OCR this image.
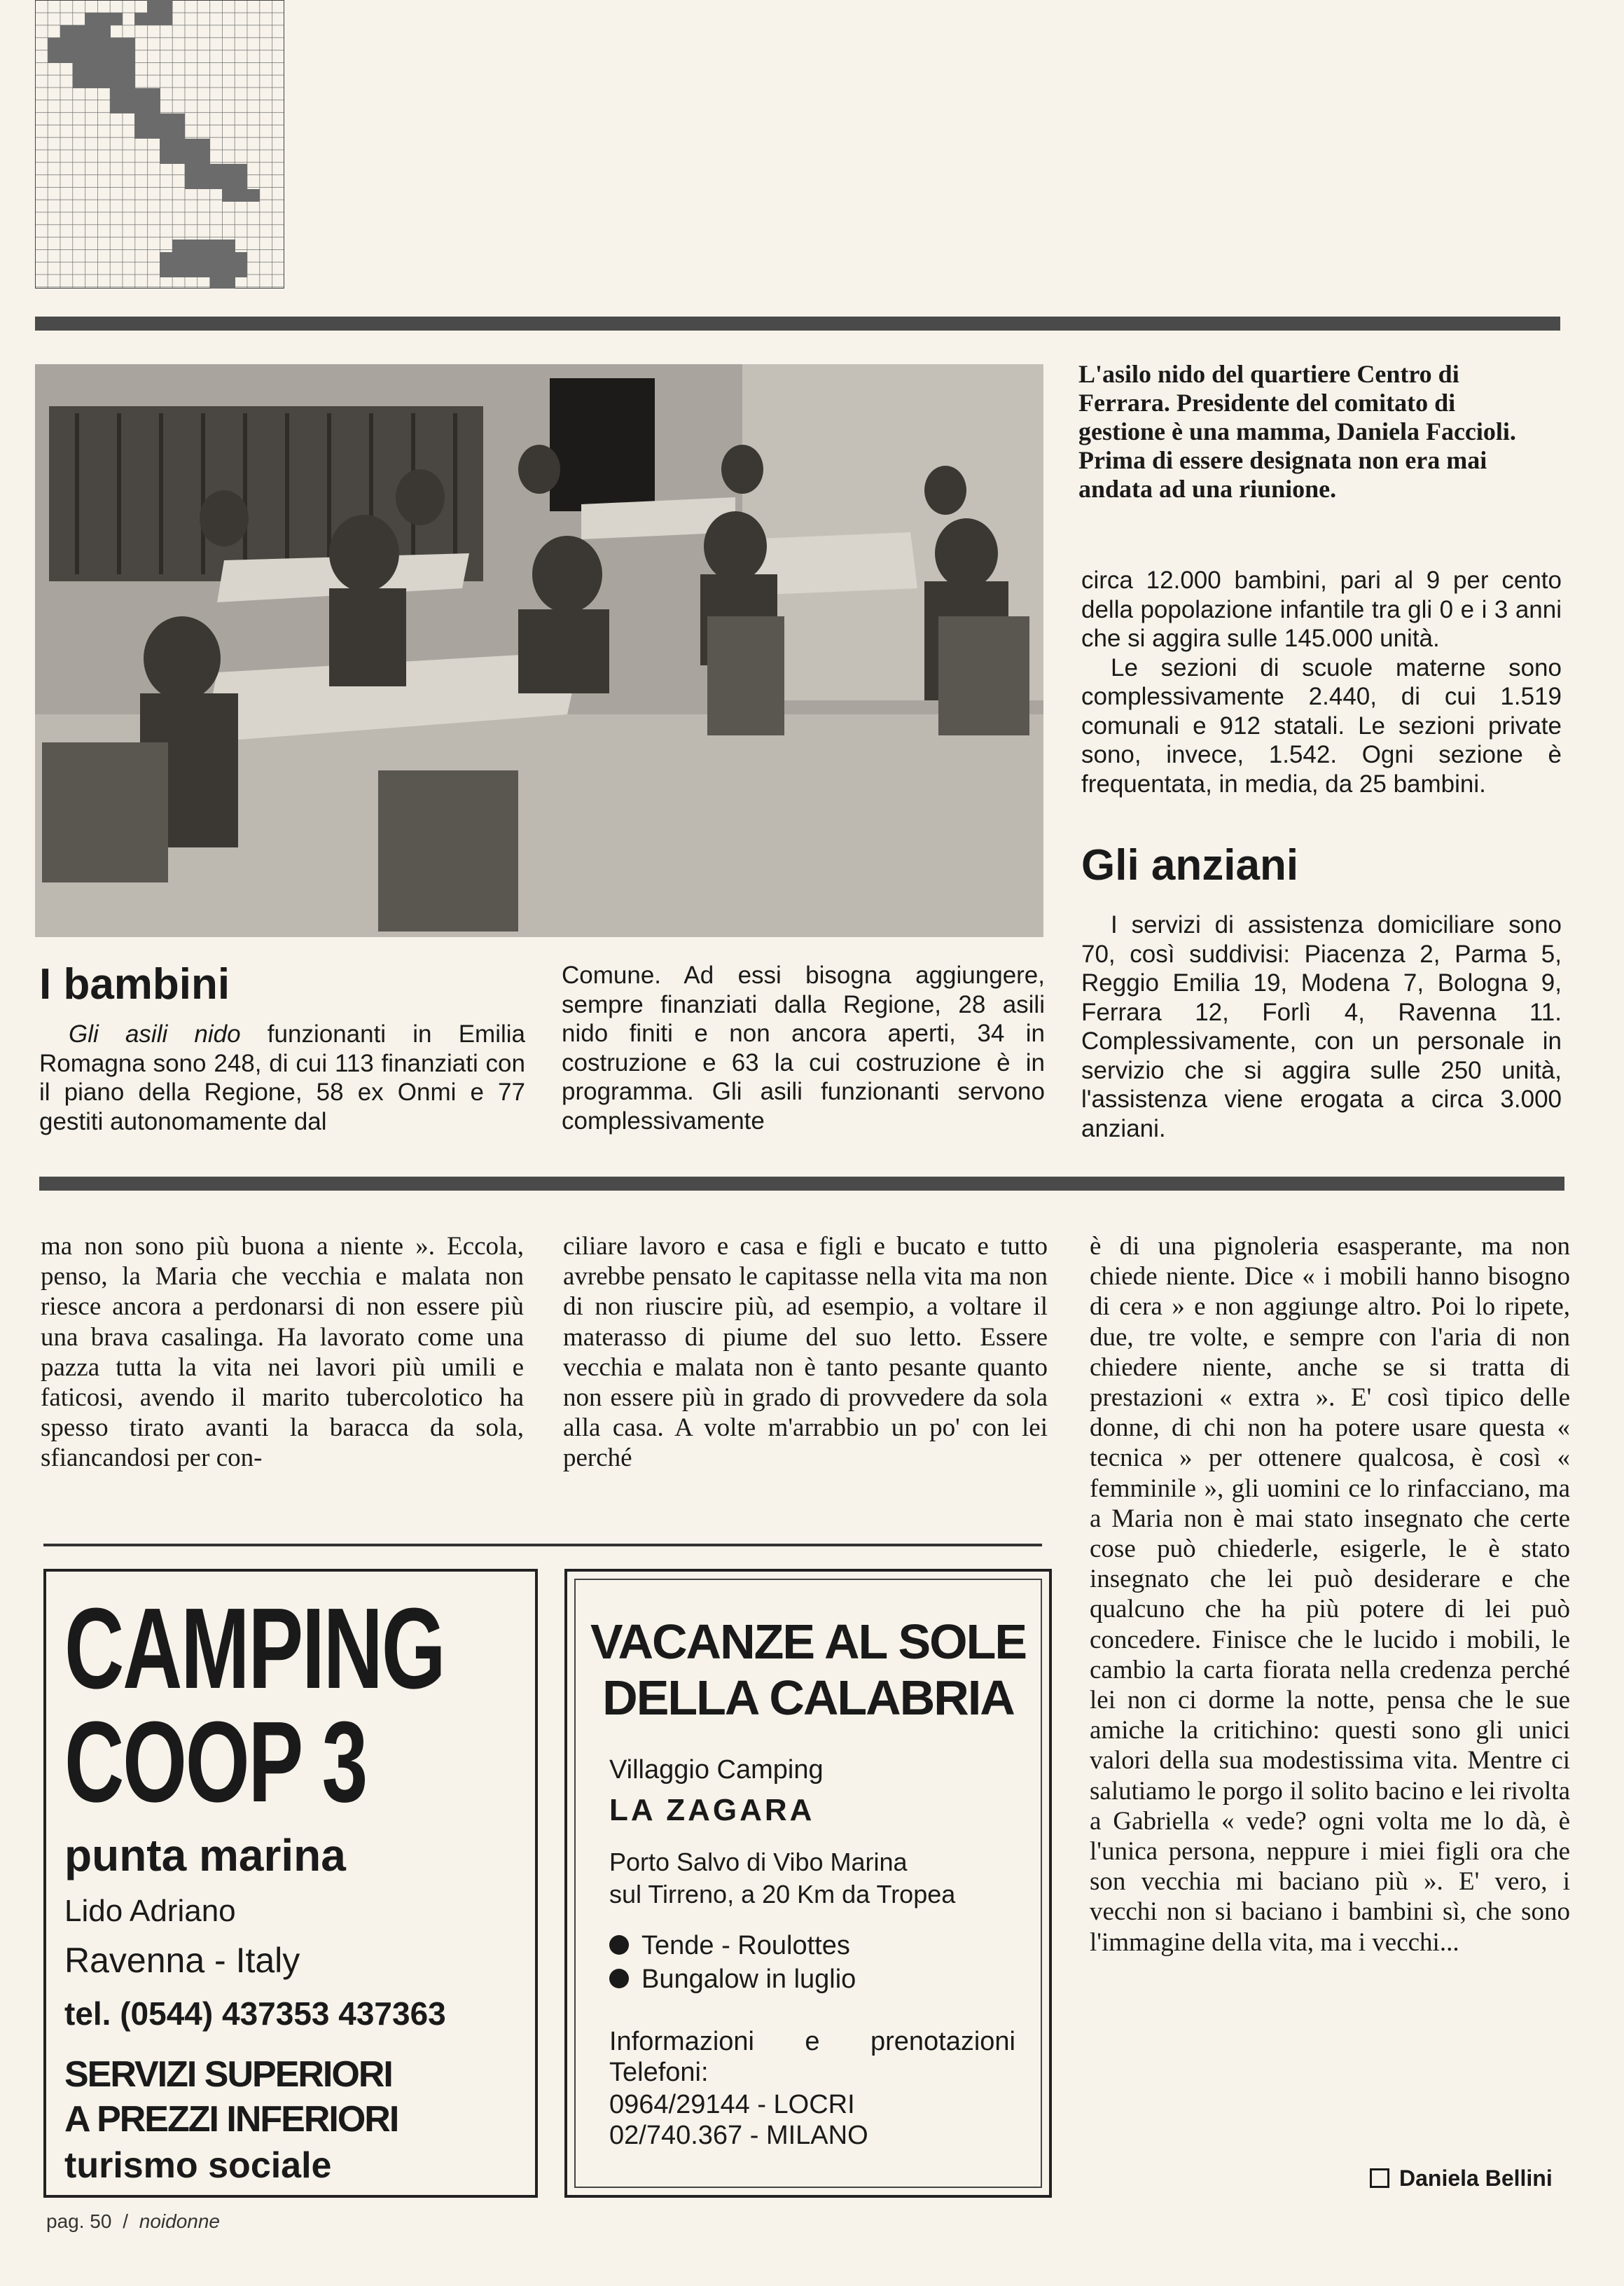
L'asilo nido del quartiere Centro di Ferrara. Presidente del comitato di gestione è una mamma, Daniela Faccioli. Prima di essere designata non era mai andata ad una riunione.
I bambini

Gli asili nido funzionanti in Emilia Romagna sono 248, di cui 113 finanziati con il piano della Regione, 58 ex Onmi e 77 gestiti autonomamente dal

Comune. Ad essi bisogna aggiungere, sempre finanziati dalla Regione, 28 asili nido finiti e non ancora aperti, 34 in costruzione e 63 la cui costruzione è in programma. Gli asili funzionanti servono complessivamente

circa 12.000 bambini, pari al 9 per cento della popolazione infantile tra gli 0 e i 3 anni che si aggira sulle 145.000 unità.

Le sezioni di scuole materne sono complessivamente 2.440, di cui 1.519 comunali e 912 statali. Le sezioni private sono, invece, 1.542. Ogni sezione è frequentata, in media, da 25 bambini.

Gli anziani

I servizi di assistenza domiciliare sono 70, così suddivisi: Piacenza 2, Parma 5, Reggio Emilia 19, Modena 7, Bologna 9, Ferrara 12, Forlì 4, Ravenna 11. Complessivamente, con un personale in servizio che si aggira sulle 250 unità, l'assistenza viene erogata a circa 3.000 anziani.

ma non sono più buona a niente ». Eccola, penso, la Maria che vecchia e malata non riesce ancora a perdonarsi di non essere più una brava casalinga. Ha lavorato come una pazza tutta la vita nei lavori più umili e faticosi, avendo il marito tubercolotico ha spesso tirato avanti la baracca da sola, sfiancandosi per con-
ciliare lavoro e casa e figli e bucato e tutto avrebbe pensato le capitasse nella vita ma non di non riuscire più, ad esempio, a voltare il materasso di piume del suo letto. Essere vecchia e malata non è tanto pesante quanto non essere più in grado di provvedere da sola alla casa. A volte m'arrabbio un po' con lei perché
è di una pignoleria esasperante, ma non chiede niente. Dice « i mobili hanno bisogno di cera » e non aggiunge altro. Poi lo ripete, due, tre volte, e sempre con l'aria di non chiedere niente, anche se si tratta di prestazioni « extra ». E' così tipico delle donne, di chi non ha potere usare questa « tecnica » per ottenere qualcosa, è così « femminile », gli uomini ce lo rinfacciano, ma a Maria non è mai stato insegnato che certe cose può chiederle, esigerle, le è stato insegnato che lei può desiderare e che qualcuno che ha più potere di lei può concedere. Finisce che le lucido i mobili, le cambio la carta fiorata nella credenza perché lei non ci dorme la notte, pensa che le sue amiche la critichino: questi sono gli unici valori della sua modestissima vita. Mentre ci salutiamo le porgo il solito bacino e lei rivolta a Gabriella « vede? ogni volta me lo dà, è l'unica persona, neppure i miei figli ora che son vecchia mi baciano più ». E' vero, i vecchi non si baciano i bambini sì, che sono l'immagine della vita, ma i vecchi...
Daniela Bellini
CAMPING
COOP 3
punta marina
Lido Adriano
Ravenna - Italy
tel. (0544) 437353 437363
SERVIZI SUPERIORI
A PREZZI INFERIORI
turismo sociale
VACANZE AL SOLE
DELLA CALABRIA
Villaggio Camping
LA ZAGARA
Porto Salvo di Vibo Marina
sul Tirreno, a 20 Km da Tropea
Tende - Roulottes
Bungalow in luglio
Informazioni e prenotazioni
Telefoni:
0964/29144 - LOCRI
02/740.367 - MILANO
pag. 50 / noidonne
